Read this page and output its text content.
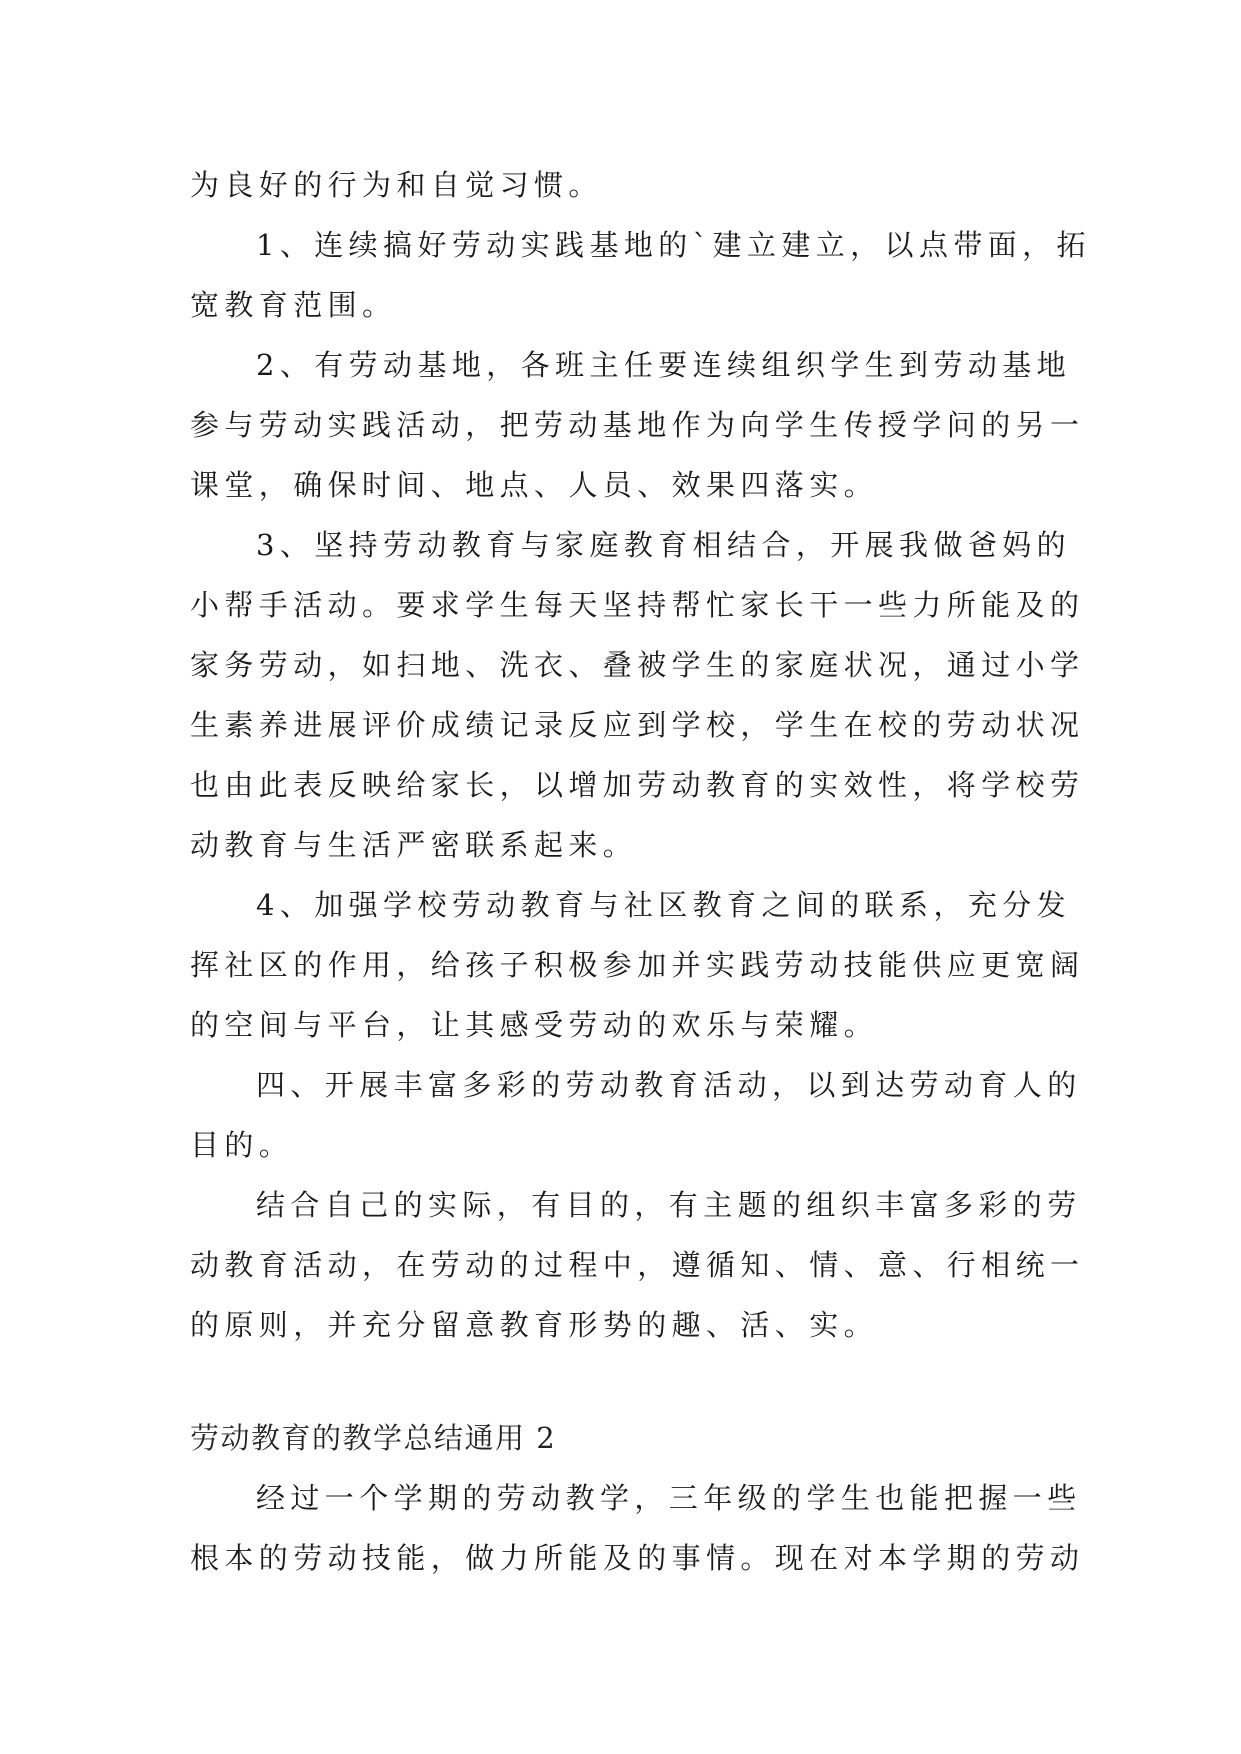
为良好的行为和自觉习惯。

1、连续搞好劳动实践基地的`建立建立，以点带面，拓
宽教育范围。

2、有劳动基地，各班主任要连续组织学生到劳动基地
参与劳动实践活动，把劳动基地作为向学生传授学问的另一
课堂，确保时间、地点、人员、效果四落实。

3、坚持劳动教育与家庭教育相结合，开展我做爸妈的
小帮手活动。要求学生每天坚持帮忙家长干一些力所能及的
家务劳动，如扫地、洗衣、叠被学生的家庭状况，通过小学
生素养进展评价成绩记录反应到学校，学生在校的劳动状况
也由此表反映给家长，以增加劳动教育的实效性，将学校劳
动教育与生活严密联系起来。

4、加强学校劳动教育与社区教育之间的联系，充分发
挥社区的作用，给孩子积极参加并实践劳动技能供应更宽阔
的空间与平台，让其感受劳动的欢乐与荣耀。

四、开展丰富多彩的劳动教育活动，以到达劳动育人的
目的。

结合自己的实际，有目的，有主题的组织丰富多彩的劳
动教育活动，在劳动的过程中，遵循知、情、意、行相统一
的原则，并充分留意教育形势的趣、活、实。

劳动教育的教学总结通用 2

经过一个学期的劳动教学，三年级的学生也能把握一些
根本的劳动技能，做力所能及的事情。现在对本学期的劳动
